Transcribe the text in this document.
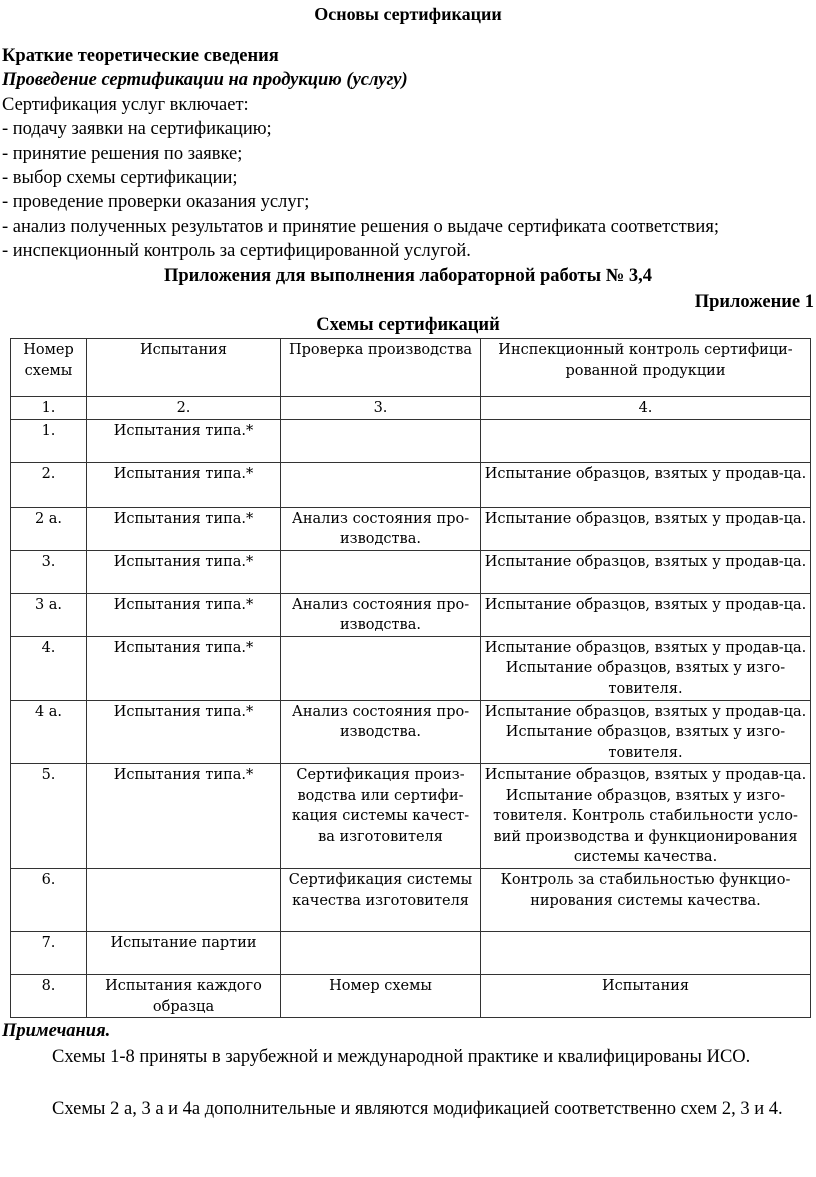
Основы сертификации
Краткие теоретические сведения
Проведение сертификации на продукцию (услугу)
Сертификация услуг включает:
- подачу заявки на сертификацию;
- принятие решения по заявке;
- выбор схемы сертификации;
- проведение проверки оказания услуг;
- анализ полученных результатов и принятие решения о выдаче сертификата соответствия;
- инспекционный контроль за сертифицированной услугой.
Приложения для выполнения лабораторной работы № 3,4
Приложение 1
Схемы сертификаций
Номер схемы	Испытания	Проверка производства	Инспекционный контроль сертифици-рованной продукции
1.	2.	3.	4.
1.	Испытания типа.*		
2.	Испытания типа.*		Испытание образцов, взятых у продав-ца.
2 а.	Испытания типа.*	Анализ состояния про-изводства.	Испытание образцов, взятых у продав-ца.
3.	Испытания типа.*		Испытание образцов, взятых у продав-ца.
3 а.	Испытания типа.*	Анализ состояния про-изводства.	Испытание образцов, взятых у продав-ца.
4.	Испытания типа.*		Испытание образцов, взятых у продав-ца. Испытание образцов, взятых у изго-товителя.
4 а.	Испытания типа.*	Анализ состояния про-изводства.	Испытание образцов, взятых у продав-ца. Испытание образцов, взятых у изго-товителя.
5.	Испытания типа.*	Сертификация произ-водства или сертифи-кация системы качест-ва изготовителя	Испытание образцов, взятых у продав-ца. Испытание образцов, взятых у изго-товителя. Контроль стабильности усло-вий производства и функционирования системы качества.
6.		Сертификация системы качества изготовителя	Контроль за стабильностью функцио-нирования системы качества.
7.	Испытание партии		
8.	Испытания каждого образца	Номер схемы	Испытания
Примечания.
Схемы 1-8 приняты в зарубежной и международной практике и квалифицированы ИСО.
Схемы 2 а, 3 а и 4а дополнительные и являются модификацией соответственно схем 2, 3 и 4.
